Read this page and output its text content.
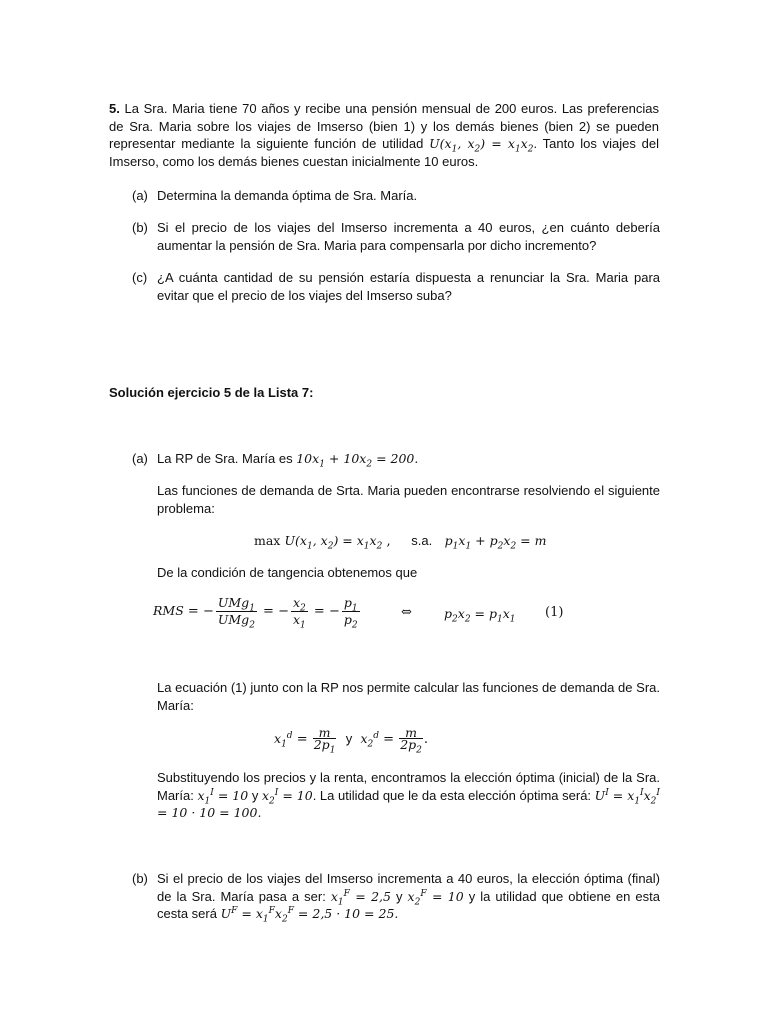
5. La Sra. Maria tiene 70 años y recibe una pensión mensual de 200 euros. Las preferencias de Sra. Maria sobre los viajes de Imserso (bien 1) y los demás bienes (bien 2) se pueden representar mediante la siguiente función de utilidad $U(x_1$, $x_2) = x_1x_2$. Tanto los viajes del Imserso, como los demás bienes cuestan inicialmente 10 euros.
(a) Determina la demanda óptima de Sra. María.
(b) Si el precio de los viajes del Imserso incrementa a 40 euros, ¿en cuánto debería aumentar la pensión de Sra. Maria para compensarla por dicho incremento?
(c) ¿A cuánta cantidad de su pensión estaría dispuesta a renunciar la Sra. Maria para evitar que el precio de los viajes del Imserso suba?
Solución ejercicio 5 de la Lista 7:
(a) La RP de Sra. María es $10x_1 + 10x_2 = 200$.
Las funciones de demanda de Srta. Maria pueden encontrarse resolviendo el siguiente problema:
$\max U(x_1$, $x_2) = x_1x_2$ ,     s.a. $p_1x_1 + p_2x_2 = m$
De la condición de tangencia obtenemos que
RMS = − $\frac{UMg_1}{UMg_2}$ = − $\frac{x_2}{x_1}$ = − $\frac{p_1}{p_2}$	⇔	$p_2x_2 = p_1x_1$ (1)
La ecuación (1) junto con la RP nos permite calcular las funciones de demanda de Sra. María:
$x_1^d = \frac{m}{2p_1}$ y $x_2^d = \frac{m}{2p_2}$ .
Substituyendo los precios y la renta, encontramos la elección óptima (inicial) de la Sra. María: $x_1^I = 10$ y $x_2^I = 10$. La utilidad que le da esta elección óptima será: $U^I = x_1^Ix_2^I = 10 \cdot 10 = 100$.
(b) Si el precio de los viajes del Imserso incrementa a 40 euros, la elección óptima (final) de la Sra. María pasa a ser: $x_1^F = 2,5$ y $x_2^F = 10$ y la utilidad que obtiene en esta cesta será $U^F = x_1^Fx_2^F = 2,5 \cdot 10 = 25$.
